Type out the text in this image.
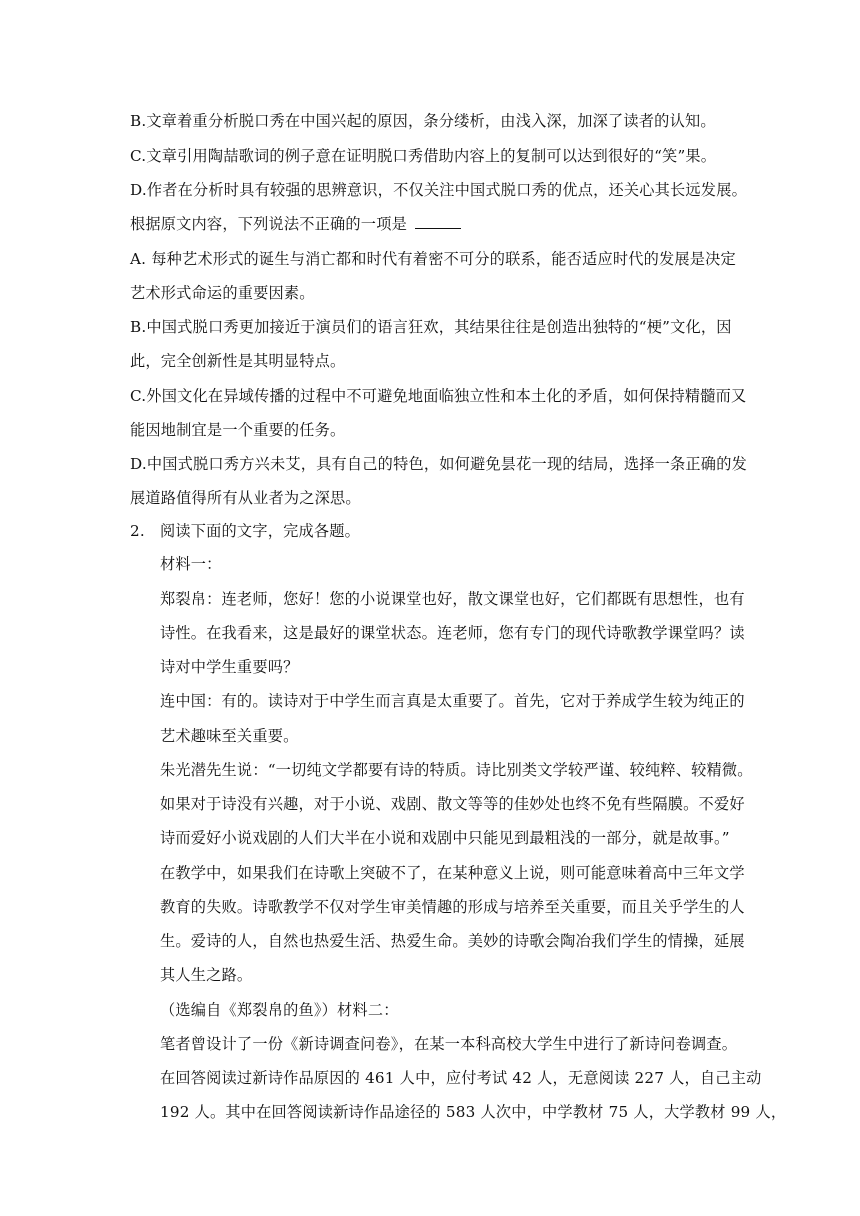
B.文章着重分析脱口秀在中国兴起的原因，条分缕析，由浅入深，加深了读者的认知。
C.文章引用陶喆歌词的例子意在证明脱口秀借助内容上的复制可以达到很好的“笑”果。
D.作者在分析时具有较强的思辨意识，不仅关注中国式脱口秀的优点，还关心其长远发展。
根据原文内容，下列说法不正确的一项是
A. 每种艺术形式的诞生与消亡都和时代有着密不可分的联系，能否适应时代的发展是决定
艺术形式命运的重要因素。
B.中国式脱口秀更加接近于演员们的语言狂欢，其结果往往是创造出独特的“梗”文化，因
此，完全创新性是其明显特点。
C.外国文化在异域传播的过程中不可避免地面临独立性和本土化的矛盾，如何保持精髓而又
能因地制宜是一个重要的任务。
D.中国式脱口秀方兴未艾，具有自己的特色，如何避免昙花一现的结局，选择一条正确的发
展道路值得所有从业者为之深思。
2. 阅读下面的文字，完成各题。
材料一：
郑裂帛：连老师，您好！您的小说课堂也好，散文课堂也好，它们都既有思想性，也有
诗性。在我看来，这是最好的课堂状态。连老师，您有专门的现代诗歌教学课堂吗？读
诗对中学生重要吗？
连中国：有的。读诗对于中学生而言真是太重要了。首先，它对于养成学生较为纯正的
艺术趣味至关重要。
朱光潜先生说：“一切纯文学都要有诗的特质。诗比别类文学较严谨、较纯粹、较精微。
如果对于诗没有兴趣，对于小说、戏剧、散文等等的佳妙处也终不免有些隔膜。不爱好
诗而爱好小说戏剧的人们大半在小说和戏剧中只能见到最粗浅的一部分，就是故事。”
在教学中，如果我们在诗歌上突破不了，在某种意义上说，则可能意味着高中三年文学
教育的失败。诗歌教学不仅对学生审美情趣的形成与培养至关重要，而且关乎学生的人
生。爱诗的人，自然也热爱生活、热爱生命。美妙的诗歌会陶冶我们学生的情操，延展
其人生之路。
（选编自《郑裂帛的鱼》）材料二：
笔者曾设计了一份《新诗调查问卷》，在某一本科高校大学生中进行了新诗问卷调查。
在回答阅读过新诗作品原因的 461 人中，应付考试 42 人，无意阅读 227 人，自己主动
192 人。其中在回答阅读新诗作品途径的 583 人次中，中学教材 75 人，大学教材 99 人，
